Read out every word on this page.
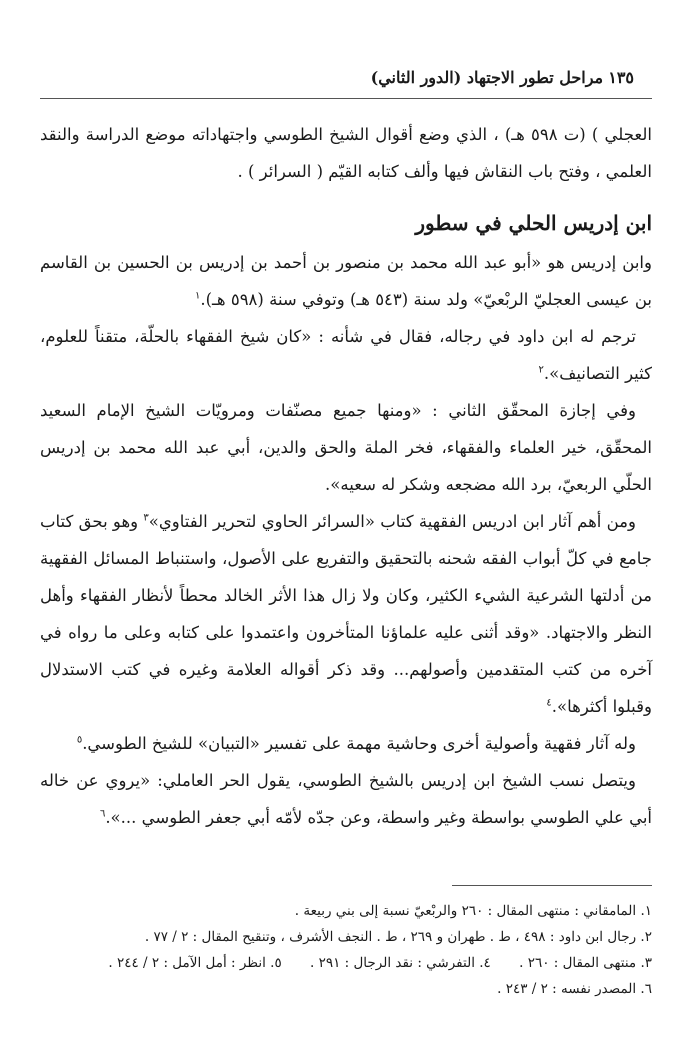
١٣٥ مراحل تطور الاجتهاد (الدور الثاني)

العجلي ) (ت ٥٩٨ هـ) ، الذي وضع أقوال الشيخ الطوسي واجتهاداته موضع الدراسة والنقد العلمي ، وفتح باب النقاش فيها وألف كتابه القيّم ( السرائر ) .

ابن إدريس الحلي في سطور

وابن إدريس هو «أبو عبد الله محمد بن منصور بن أحمد بن إدريس بن الحسين بن القاسم بن عيسى العجليّ الربْعيّ» ولد سنة (٥٤٣ هـ) وتوفي سنة (٥٩٨ هـ).$^١$

ترجم له ابن داود في رجاله، فقال في شأنه : «كان شيخ الفقهاء بالحلّة، متقناً للعلوم، كثير التصانيف».$^٢$

وفي إجازة المحقّق الثاني : «ومنها جميع مصنّفات ومرويّات الشيخ الإمام السعيد المحقّق، خير العلماء والفقهاء، فخر الملة والحق والدين، أبي عبد الله محمد بن إدريس الحلّي الربعيّ، برد الله مضجعه وشكر له سعيه».

ومن أهم آثار ابن ادريس الفقهية كتاب «السرائر الحاوي لتحرير الفتاوي»$^٣$ وهو بحق كتاب جامع في كلّ أبواب الفقه شحنه بالتحقيق والتفريع على الأصول، واستنباط المسائل الفقهية من أدلتها الشرعية الشيء الكثير، وكان ولا زال هذا الأثر الخالد محطاً لأنظار الفقهاء وأهل النظر والاجتهاد. «وقد أثنى عليه علماؤنا المتأخرون واعتمدوا على كتابه وعلى ما رواه في آخره من كتب المتقدمين وأصولهم... وقد ذكر أقواله العلامة وغيره في كتب الاستدلال وقبلوا أكثرها».$^٤$

وله آثار فقهية وأصولية أخرى وحاشية مهمة على تفسير «التبيان» للشيخ الطوسي.$^٥$

ويتصل نسب الشيخ ابن إدريس بالشيخ الطوسي، يقول الحر العاملي: «يروي عن خاله أبي علي الطوسي بواسطة وغير واسطة، وعن جدّه لأمّه أبي جعفر الطوسي ...».$^٦$

١. المامقاني : منتهى المقال : ٢٦٠ والربْعيّ نسبة إلى بني ربيعة .
٢. رجال ابن داود : ٤٩٨ ، ط . طهران و ٢٦٩ ، ط . النجف الأشرف ، وتنقيح المقال : ٢ / ٧٧ .
٣. منتهى المقال : ٢٦٠ . ٤. التفرشي : نقد الرجال : ٢٩١ . ٥. انظر : أمل الآمل : ٢ / ٢٤٤ .
٦. المصدر نفسه : ٢ / ٢٤٣ .
